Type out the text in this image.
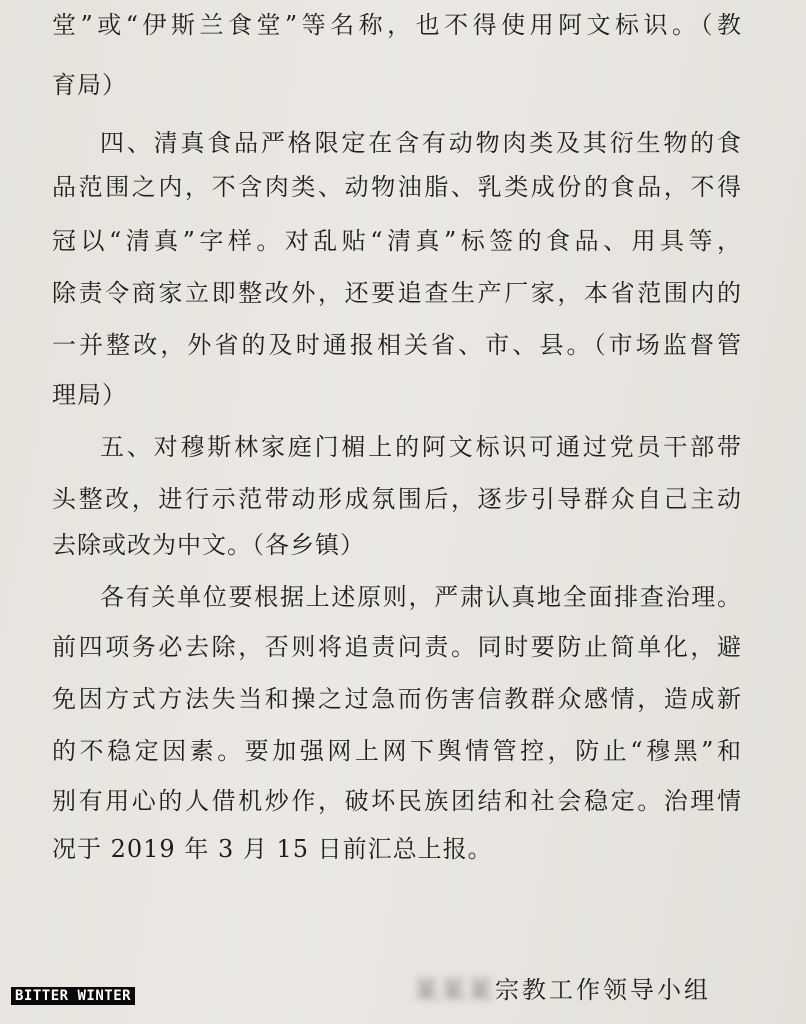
堂”或“伊斯兰食堂”等名称，也不得使用阿文标识。（教
育局）
四、清真食品严格限定在含有动物肉类及其衍生物的食
品范围之内，不含肉类、动物油脂、乳类成份的食品，不得
冠以“清真”字样。对乱贴“清真”标签的食品、用具等，
除责令商家立即整改外，还要追查生产厂家，本省范围内的
一并整改，外省的及时通报相关省、市、县。（市场监督管
理局）
五、对穆斯林家庭门楣上的阿文标识可通过党员干部带
头整改，进行示范带动形成氛围后，逐步引导群众自己主动
去除或改为中文。（各乡镇）
各有关单位要根据上述原则，严肃认真地全面排查治理。
前四项务必去除，否则将追责问责。同时要防止简单化，避
免因方式方法失当和操之过急而伤害信教群众感情，造成新
的不稳定因素。要加强网上网下舆情管控，防止“穆黑”和
别有用心的人借机炒作，破坏民族团结和社会稳定。治理情
况于 2019 年 3 月 15 日前汇总上报。
某某某宗教工作领导小组
BITTER WINTER
